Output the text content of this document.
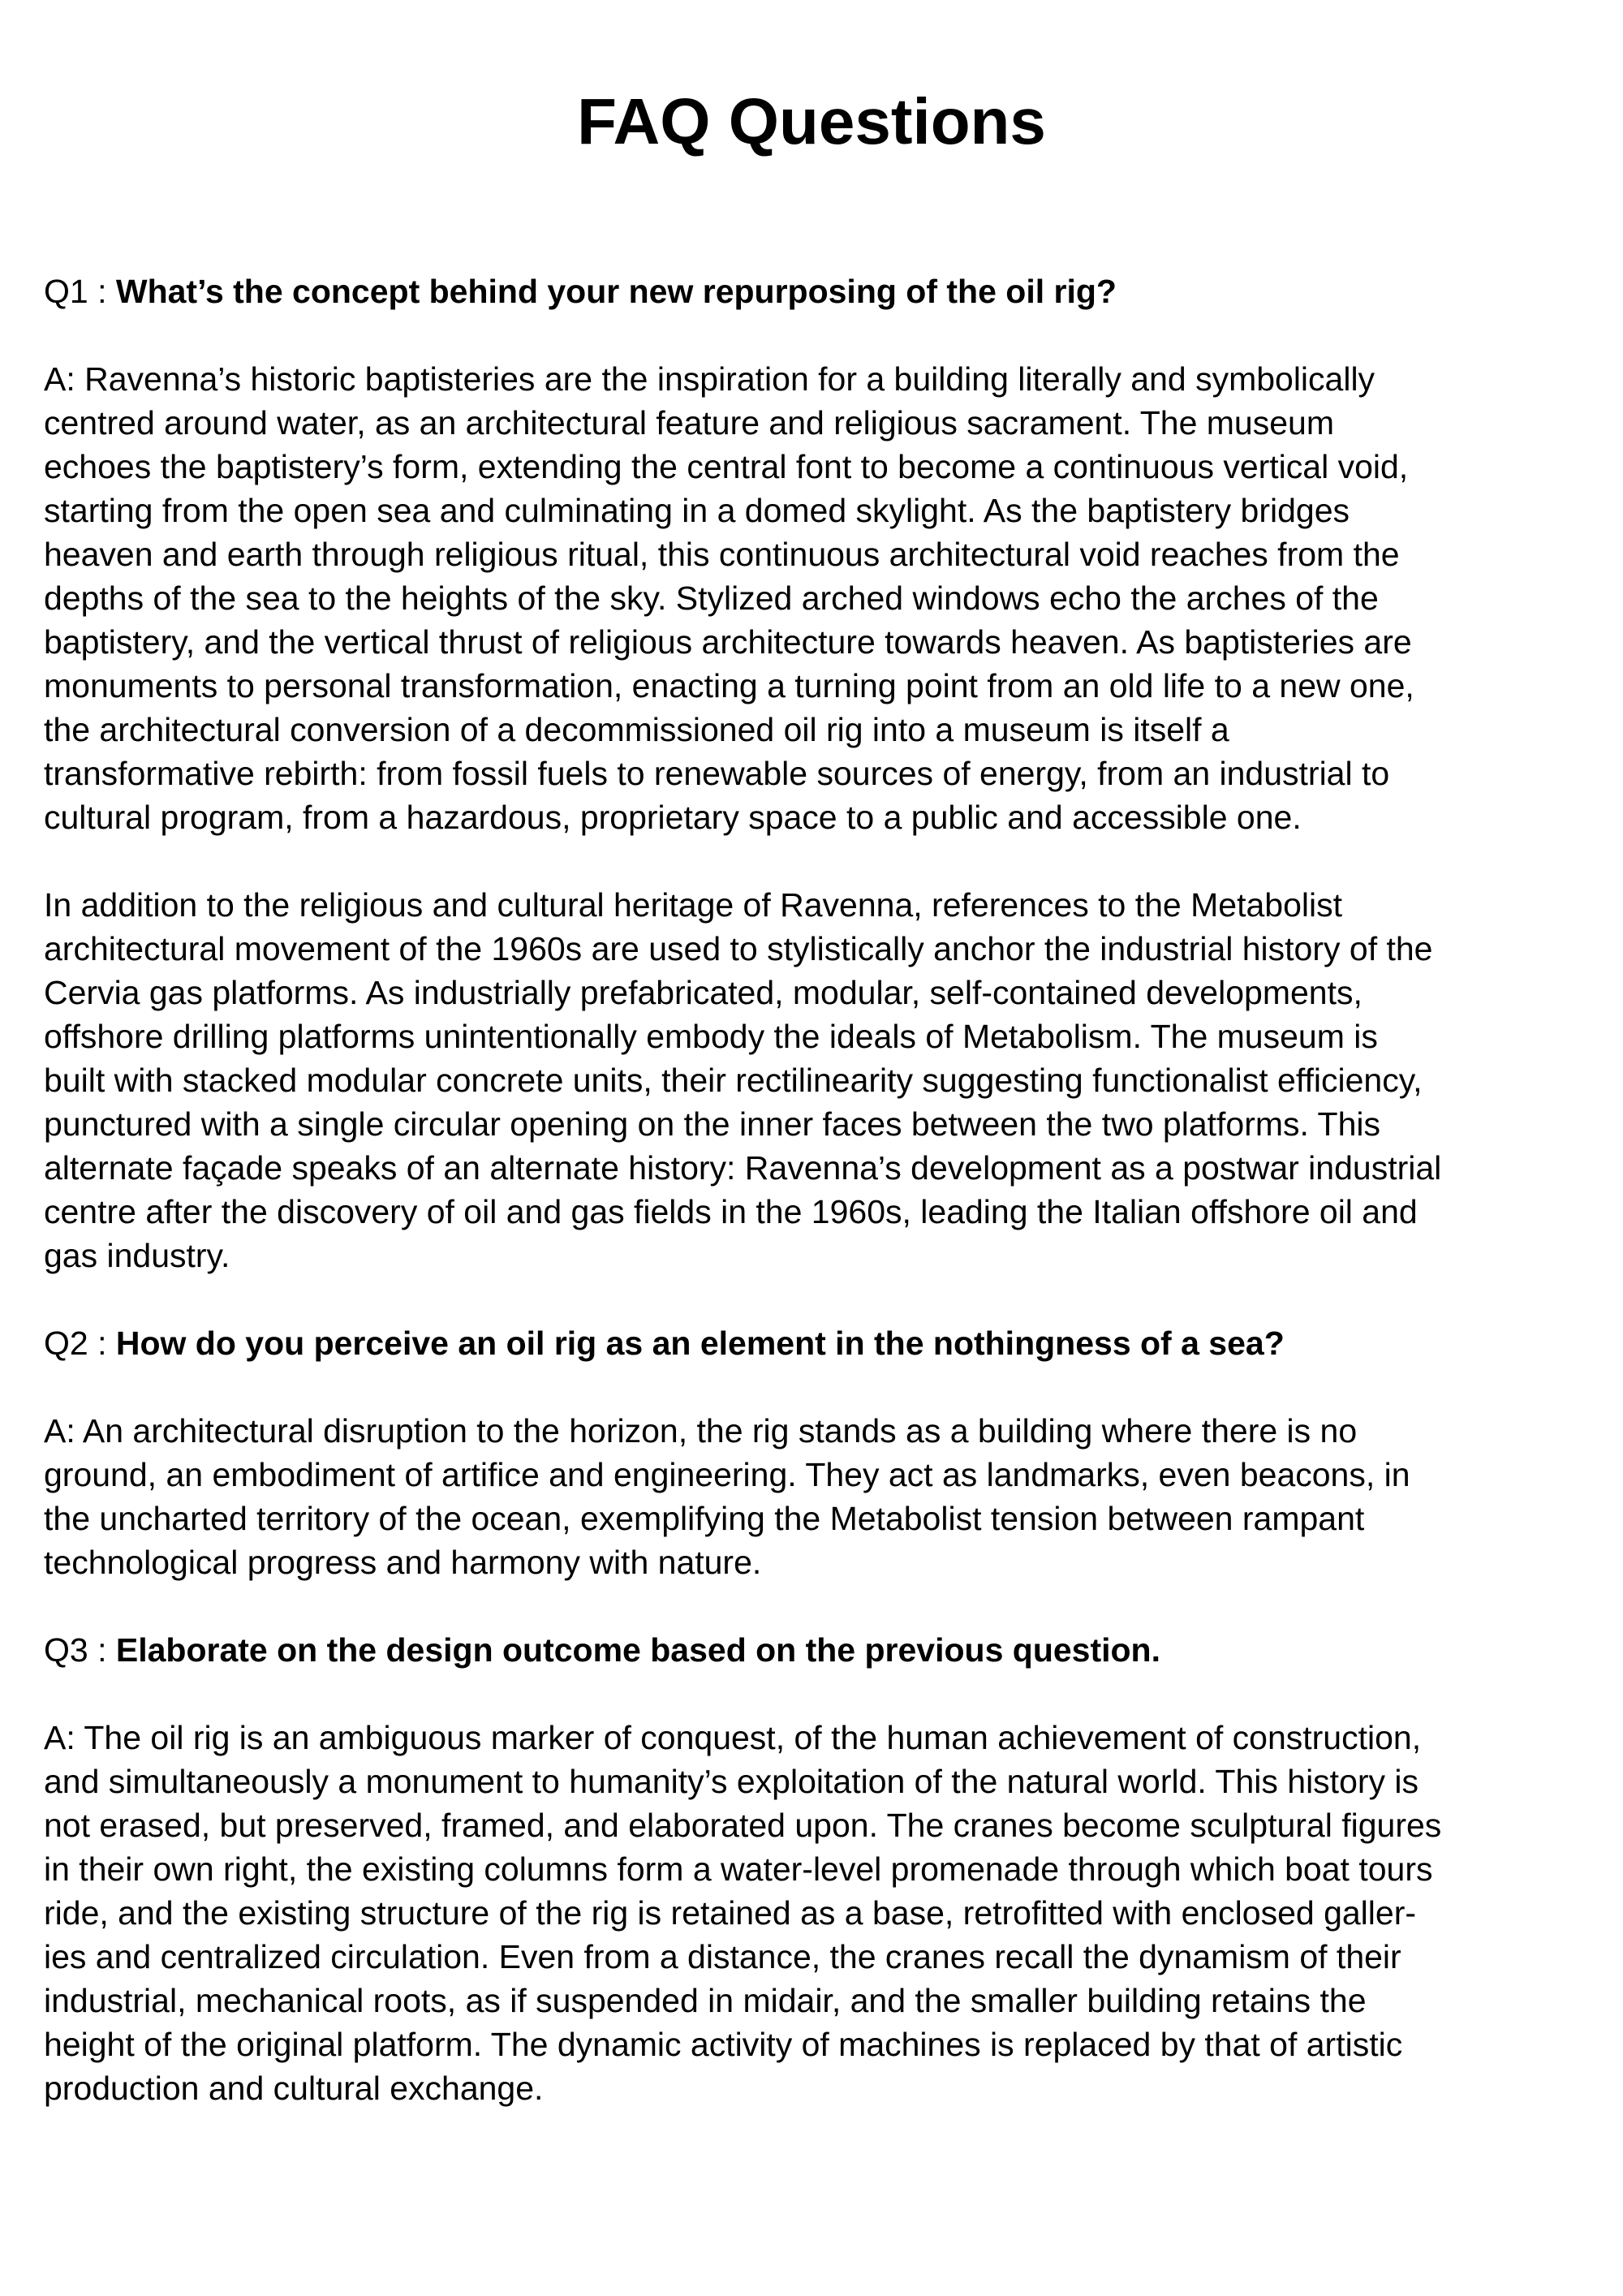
FAQ Questions
Q1 : What’s the concept behind your new repurposing of the oil rig?
A: Ravenna’s historic baptisteries are the inspiration for a building literally and symbolically
centred around water, as an architectural feature and religious sacrament. The museum
echoes the baptistery’s form, extending the central font to become a continuous vertical void,
starting from the open sea and culminating in a domed skylight. As the baptistery bridges
heaven and earth through religious ritual, this continuous architectural void reaches from the
depths of the sea to the heights of the sky. Stylized arched windows echo the arches of the
baptistery, and the vertical thrust of religious architecture towards heaven. As baptisteries are
monuments to personal transformation, enacting a turning point from an old life to a new one,
the architectural conversion of a decommissioned oil rig into a museum is itself a
transformative rebirth: from fossil fuels to renewable sources of energy, from an industrial to
cultural program, from a hazardous, proprietary space to a public and accessible one.
In addition to the religious and cultural heritage of Ravenna, references to the Metabolist
architectural movement of the 1960s are used to stylistically anchor the industrial history of the
Cervia gas platforms. As industrially prefabricated, modular, self-contained developments,
offshore drilling platforms unintentionally embody the ideals of Metabolism. The museum is
built with stacked modular concrete units, their rectilinearity suggesting functionalist efficiency,
punctured with a single circular opening on the inner faces between the two platforms. This
alternate façade speaks of an alternate history: Ravenna’s development as a postwar industrial
centre after the discovery of oil and gas fields in the 1960s, leading the Italian offshore oil and
gas industry.
Q2 : How do you perceive an oil rig as an element in the nothingness of a sea?
A: An architectural disruption to the horizon, the rig stands as a building where there is no
ground, an embodiment of artifice and engineering. They act as landmarks, even beacons, in
the uncharted territory of the ocean, exemplifying the Metabolist tension between rampant
technological progress and harmony with nature.
Q3 : Elaborate on the design outcome based on the previous question.
A: The oil rig is an ambiguous marker of conquest, of the human achievement of construction,
and simultaneously a monument to humanity’s exploitation of the natural world. This history is
not erased, but preserved, framed, and elaborated upon. The cranes become sculptural figures
in their own right, the existing columns form a water-level promenade through which boat tours
ride, and the existing structure of the rig is retained as a base, retrofitted with enclosed galler-
ies and centralized circulation. Even from a distance, the cranes recall the dynamism of their
industrial, mechanical roots, as if suspended in midair, and the smaller building retains the
height of the original platform. The dynamic activity of machines is replaced by that of artistic
production and cultural exchange.
